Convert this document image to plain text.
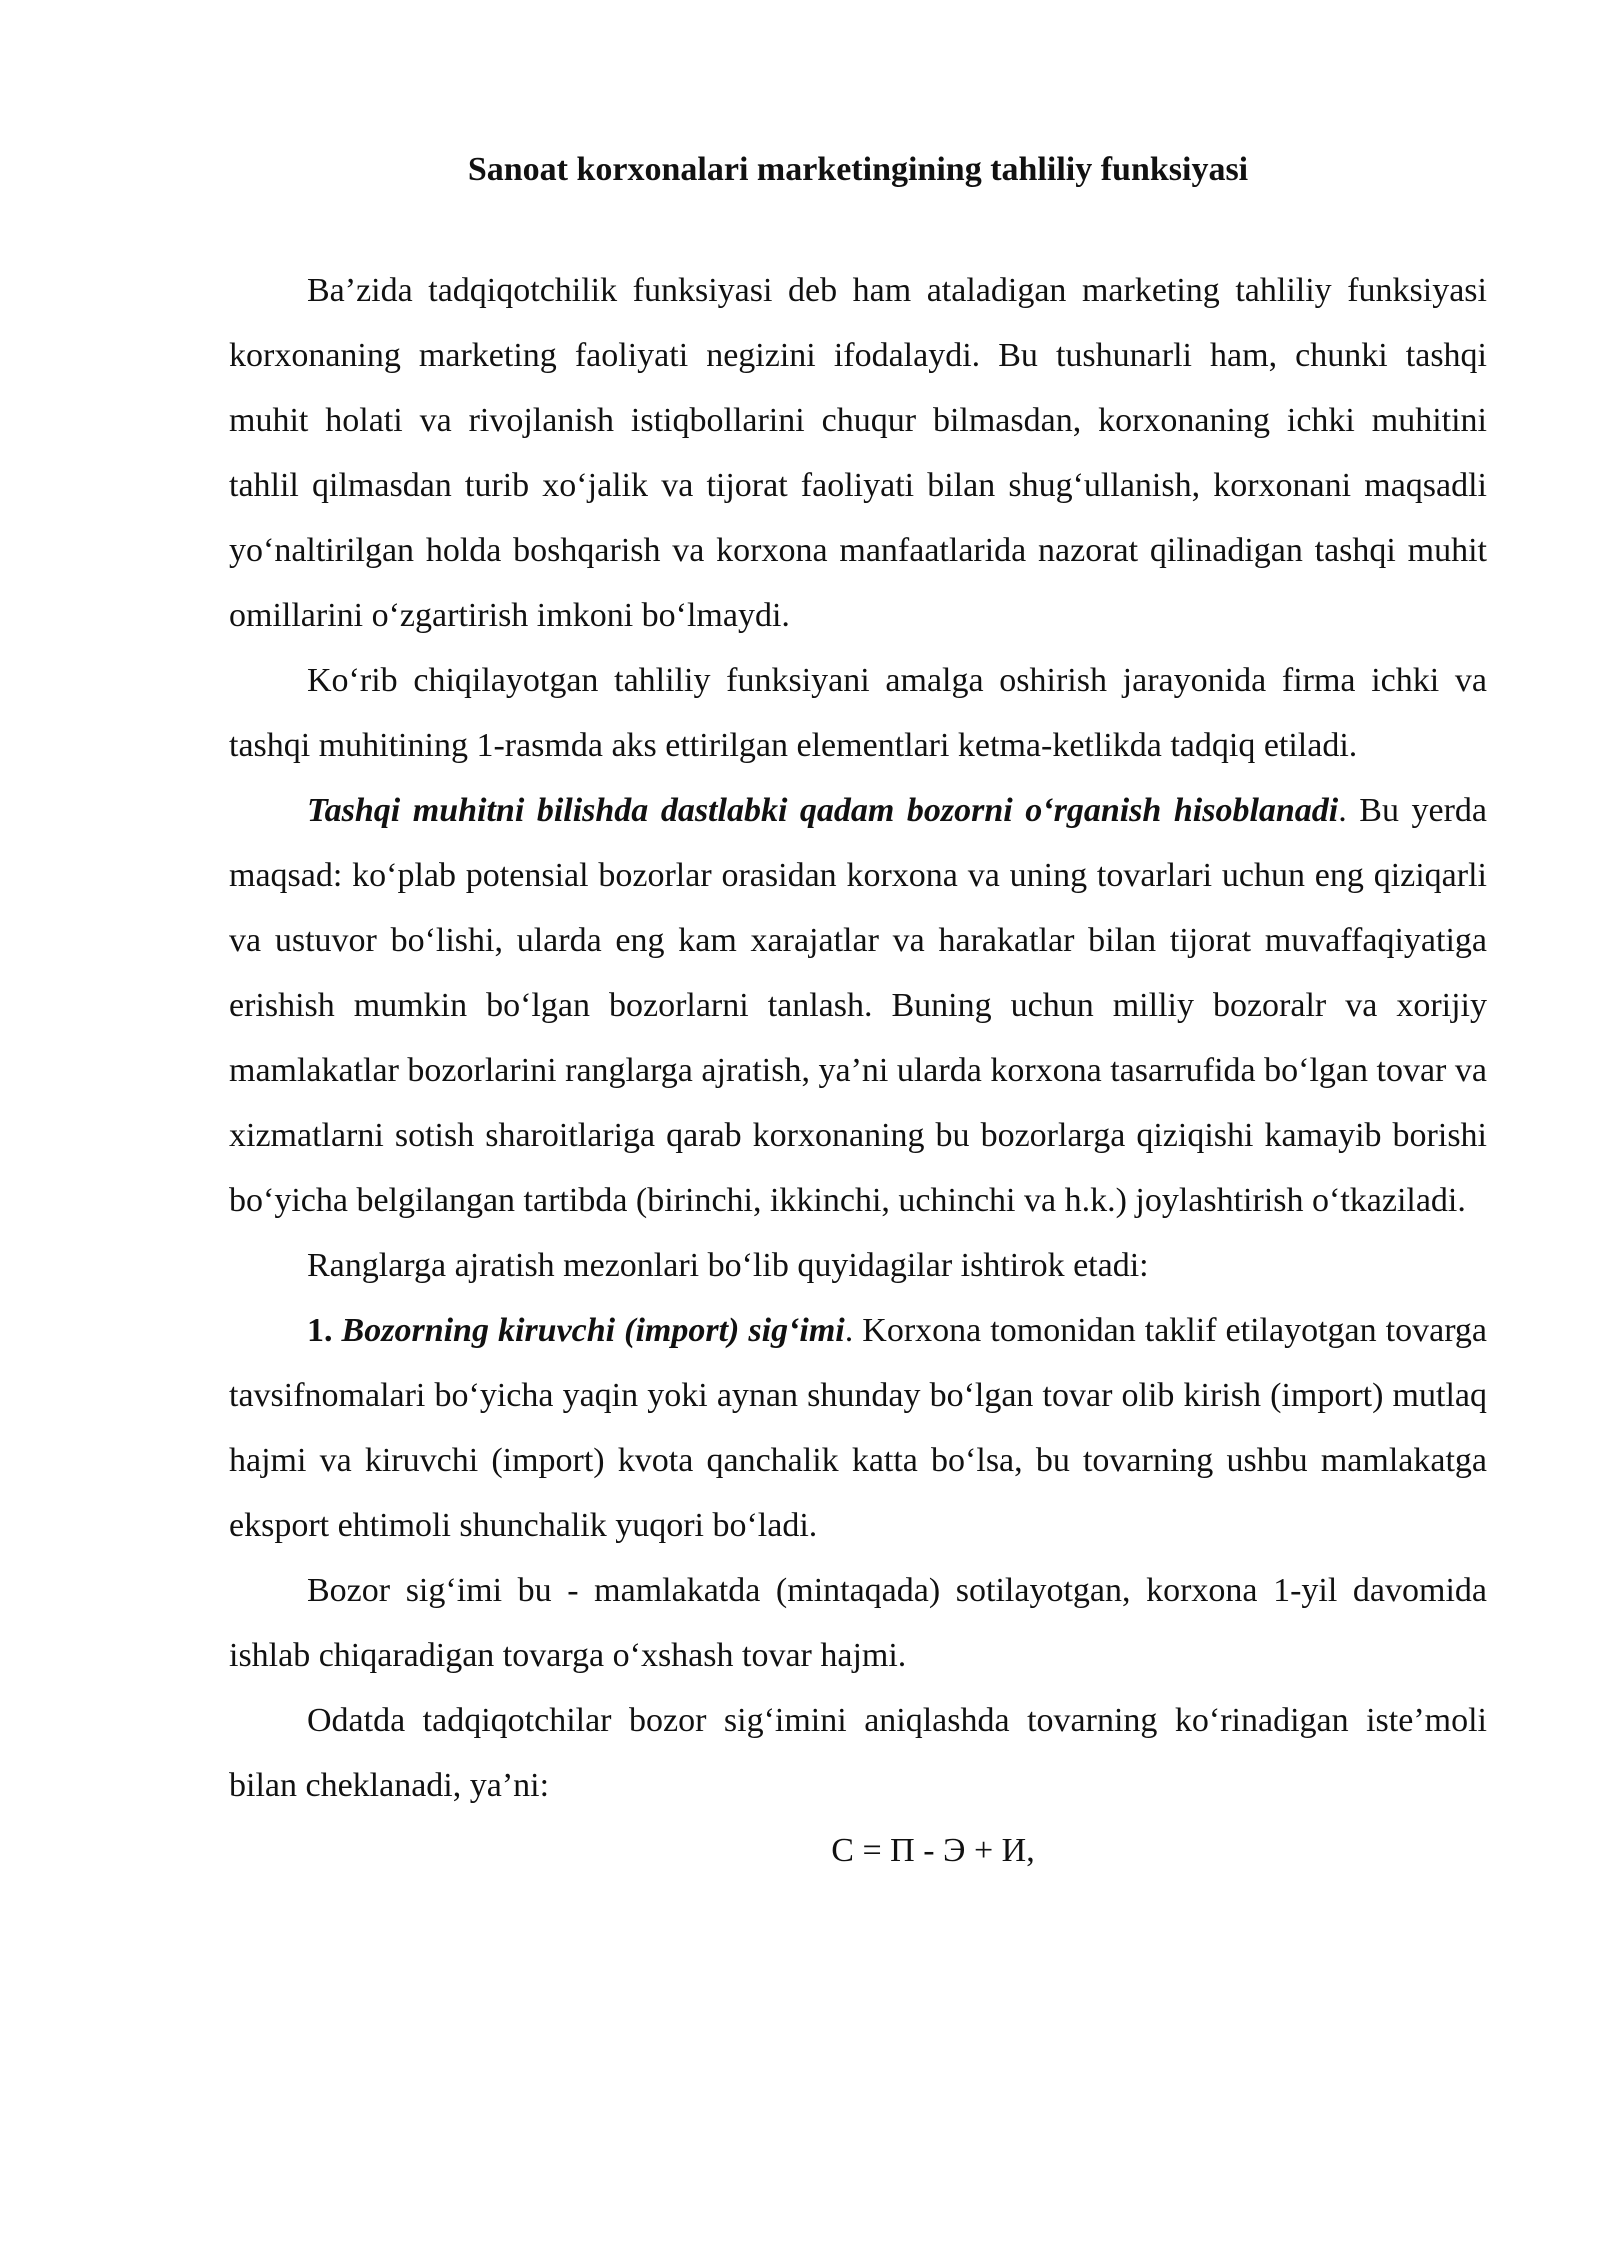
Sanoat korxonalari marketingining tahliliy funksiyasi

Ba’zida tadqiqotchilik funksiyasi deb ham ataladigan marketing tahliliy funksiyasi korxonaning marketing faoliyati negizini ifodalaydi. Bu tushunarli ham, chunki tashqi muhit holati va rivojlanish istiqbollarini chuqur bilmasdan, korxonaning ichki muhitini tahlil qilmasdan turib xo‘jalik va tijorat faoliyati bilan shug‘ullanish, korxonani maqsadli yo‘naltirilgan holda boshqarish va korxona manfaatlarida nazorat qilinadigan tashqi muhit omillarini o‘zgartirish imkoni bo‘lmaydi.

Ko‘rib chiqilayotgan tahliliy funksiyani amalga oshirish jarayonida firma ichki va tashqi muhitining 1-rasmda aks ettirilgan elementlari ketma-ketlikda tadqiq etiladi.

Tashqi muhitni bilishda dastlabki qadam bozorni o‘rganish hisoblanadi. Bu yerda maqsad: ko‘plab potensial bozorlar orasidan korxona va uning tovarlari uchun eng qiziqarli va ustuvor bo‘lishi, ularda eng kam xarajatlar va harakatlar bilan tijorat muvaffaqiyatiga erishish mumkin bo‘lgan bozorlarni tanlash. Buning uchun milliy bozoralr va xorijiy mamlakatlar bozorlarini ranglarga ajratish, ya’ni ularda korxona tasarrufida bo‘lgan tovar va xizmatlarni sotish sharoitlariga qarab korxonaning bu bozorlarga qiziqishi kamayib borishi bo‘yicha belgilangan tartibda (birinchi, ikkinchi, uchinchi va h.k.) joylashtirish o‘tkaziladi.

Ranglarga ajratish mezonlari bo‘lib quyidagilar ishtirok etadi:

1. Bozorning kiruvchi (import) sig‘imi. Korxona tomonidan taklif etilayotgan tovarga tavsifnomalari bo‘yicha yaqin yoki aynan shunday bo‘lgan tovar olib kirish (import) mutlaq hajmi va kiruvchi (import) kvota qanchalik katta bo‘lsa, bu tovarning ushbu mamlakatga eksport ehtimoli shunchalik yuqori bo‘ladi.

Bozor sig‘imi bu - mamlakatda (mintaqada) sotilayotgan, korxona 1-yil davomida ishlab chiqaradigan tovarga o‘xshash tovar hajmi.

Odatda tadqiqotchilar bozor sig‘imini aniqlashda tovarning ko‘rinadigan iste’moli bilan cheklanadi, ya’ni:

С = П - Э + И,
